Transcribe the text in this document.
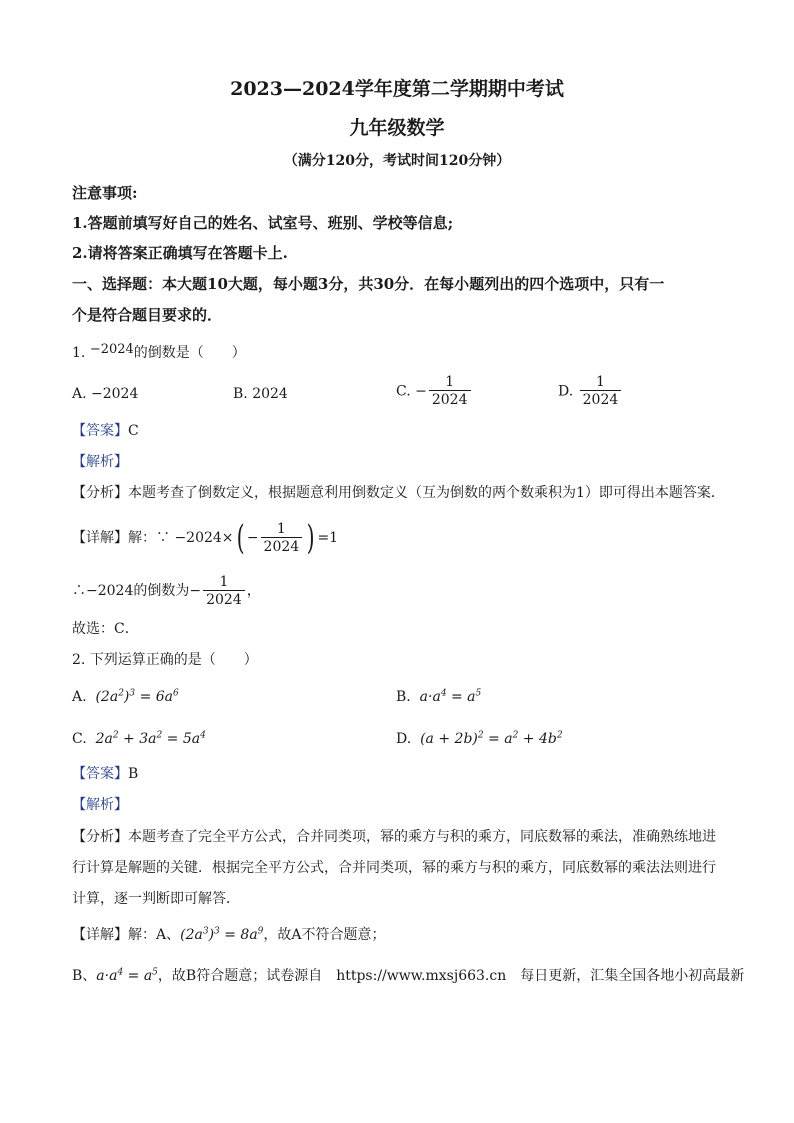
2023—2024学年度第二学期期中考试
九年级数学
（满分120分，考试时间120分钟）
注意事项:
1.答题前填写好自己的姓名、试室号、班别、学校等信息;
2.请将答案正确填写在答题卡上.
一、选择题：本大题10大题，每小题3分，共30分．在每小题列出的四个选项中，只有一
个是符合题目要求的．
1. $^{-2024}$的倒数是（　　）
A. −2024	B. 2024	C. − $\frac{1}{2024}$	D. $\frac{1}{2024}$
【答案】C
【解析】
【分析】本题考查了倒数定义，根据题意利用倒数定义（互为倒数的两个数乘积为1）即可得出本题答案．
【详解】 解：∵ −2024× ( − $\frac{1}{2024}$ ) =1
∴−2024的倒数为− $\frac{1}{2024}$ ，
故选：C．
2. 下列运算正确的是（　　）
A. $(2a^2)^3 = 6a^6$	B. $a\cdot a^4 = a^5$
C. $2a^2 + 3a^2 = 5a^4$	D. $(a + 2b)^2 = a^2 + 4b^2$
【答案】B
【解析】
【分析】本题考查了完全平方公式，合并同类项，幂的乘方与积的乘方，同底数幂的乘法，准确熟练地进
行计算是解题的关键．根据完全平方公式，合并同类项，幂的乘方与积的乘方，同底数幂的乘法法则进行
计算，逐一判断即可解答．
【详解】解：A、$(2a^3)^3 = 8a^9$，故A不符合题意；
B、$a\cdot a^4 = a^5$，故B符合题意；试卷源自　https://www.mxsj663.cn　每日更新，汇集全国各地小初高最新
